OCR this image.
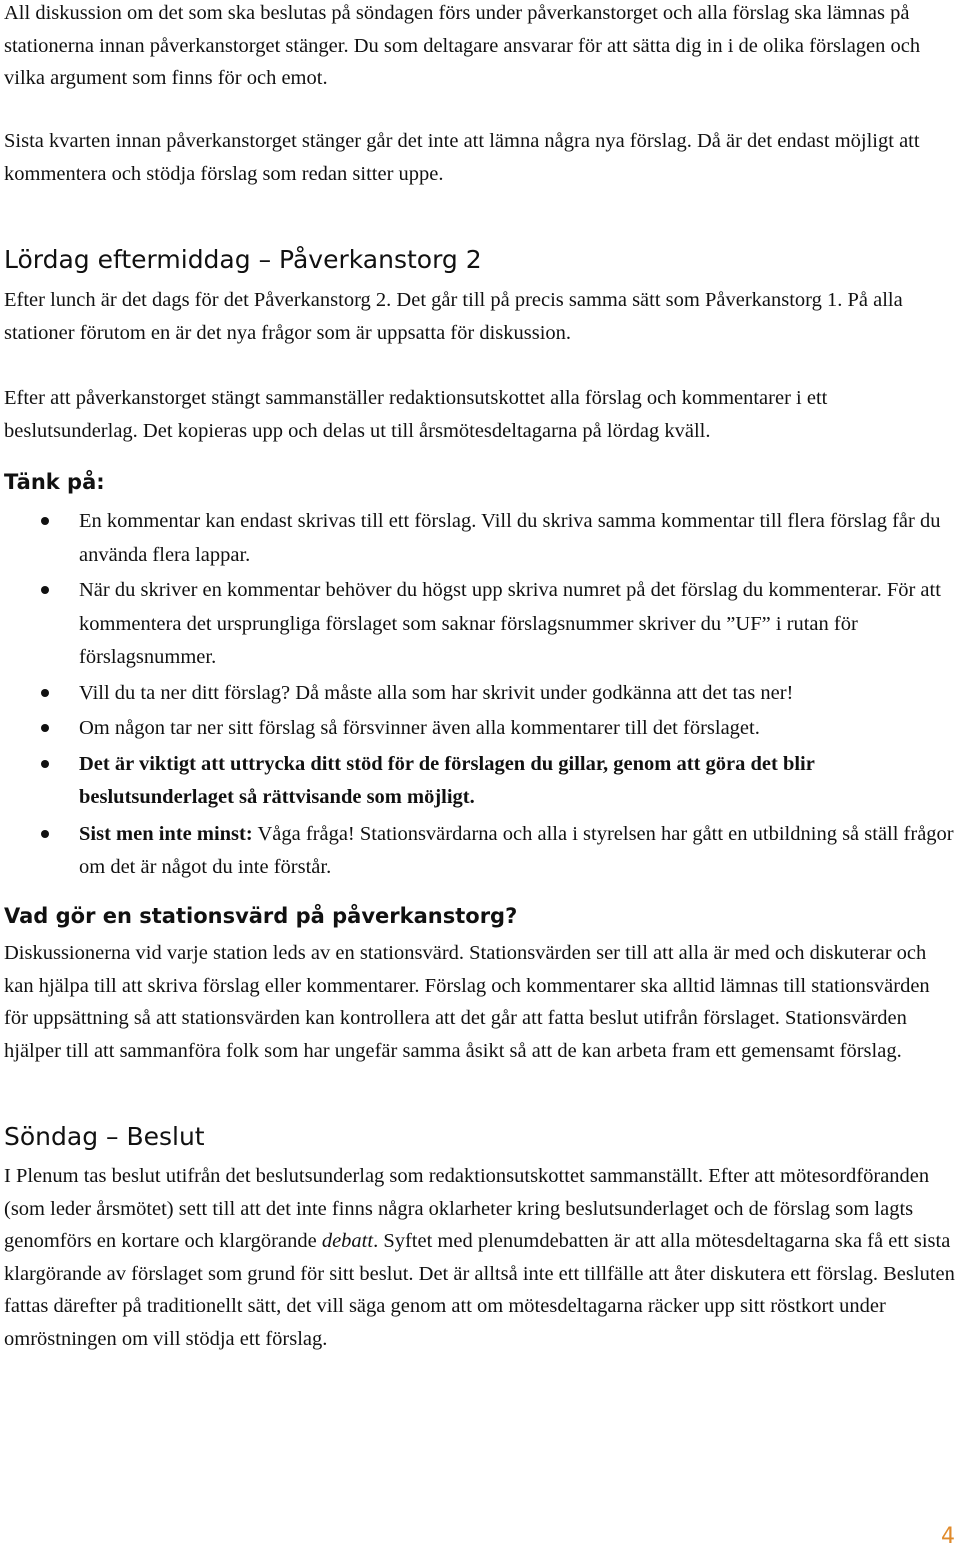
All diskussion om det som ska beslutas på söndagen förs under påverkanstorget och alla förslag ska lämnas på stationerna innan påverkanstorget stänger. Du som deltagare ansvarar för att sätta dig in i de olika förslagen och vilka argument som finns för och emot.

Sista kvarten innan påverkanstorget stänger går det inte att lämna några nya förslag. Då är det endast möjligt att kommentera och stödja förslag som redan sitter uppe.

Lördag eftermiddag – Påverkanstorg 2

Efter lunch är det dags för det Påverkanstorg 2. Det går till på precis samma sätt som Påverkanstorg 1. På alla stationer förutom en är det nya frågor som är uppsatta för diskussion.

Efter att påverkanstorget stängt sammanställer redaktionsutskottet alla förslag och kommentarer i ett beslutsunderlag. Det kopieras upp och delas ut till årsmötesdeltagarna på lördag kväll.

Tänk på:
En kommentar kan endast skrivas till ett förslag. Vill du skriva samma kommentar till flera förslag får du använda flera lappar.
När du skriver en kommentar behöver du högst upp skriva numret på det förslag du kommenterar. För att kommentera det ursprungliga förslaget som saknar förslagsnummer skriver du ”UF” i rutan för förslagsnummer.
Vill du ta ner ditt förslag? Då måste alla som har skrivit under godkänna att det tas ner!
Om någon tar ner sitt förslag så försvinner även alla kommentarer till det förslaget.
Det är viktigt att uttrycka ditt stöd för de förslagen du gillar, genom att göra det blir beslutsunderlaget så rättvisande som möjligt.
Sist men inte minst: Våga fråga! Stationsvärdarna och alla i styrelsen har gått en utbildning så ställ frågor om det är något du inte förstår.
Vad gör en stationsvärd på påverkanstorg?

Diskussionerna vid varje station leds av en stationsvärd. Stationsvärden ser till att alla är med och diskuterar och kan hjälpa till att skriva förslag eller kommentarer. Förslag och kommentarer ska alltid lämnas till stationsvärden för uppsättning så att stationsvärden kan kontrollera att det går att fatta beslut utifrån förslaget. Stationsvärden hjälper till att sammanföra folk som har ungefär samma åsikt så att de kan arbeta fram ett gemensamt förslag.

Söndag – Beslut

I Plenum tas beslut utifrån det beslutsunderlag som redaktionsutskottet sammanställt. Efter att mötesordföranden (som leder årsmötet) sett till att det inte finns några oklarheter kring beslutsunderlaget och de förslag som lagts genomförs en kortare och klargörande debatt. Syftet med plenumdebatten är att alla mötesdeltagarna ska få ett sista klargörande av förslaget som grund för sitt beslut. Det är alltså inte ett tillfälle att åter diskutera ett förslag. Besluten fattas därefter på traditionellt sätt, det vill säga genom att om mötesdeltagarna räcker upp sitt röstkort under omröstningen om vill stödja ett förslag.

4
